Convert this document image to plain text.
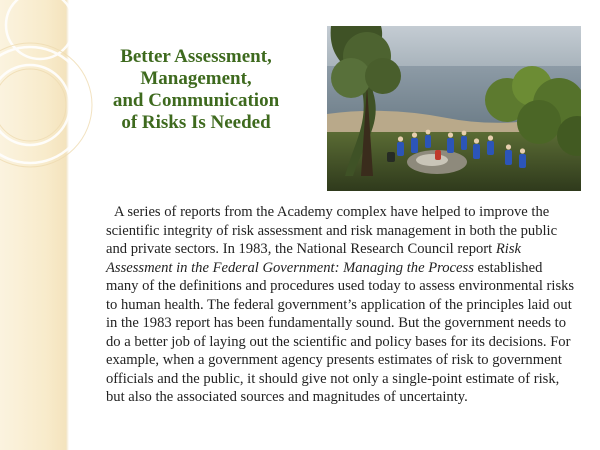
Better Assessment,
Management,
and Communication
of Risks Is Needed

A series of reports from the Academy complex have helped to improve the scientific integrity of risk assessment and risk management in both the public and private sectors. In 1983, the National Research Council report Risk Assessment in the Federal Government: Managing the Process established many of the definitions and procedures used today to assess environmental risks to human health. The federal government’s application of the principles laid out in the 1983 report has been fundamentally sound. But the government needs to do a better job of laying out the scientific and policy bases for its decisions. For example, when a government agency presents estimates of risk to government officials and the public, it should give not only a single-point estimate of risk, but also the associated sources and magnitudes of uncertainty.
